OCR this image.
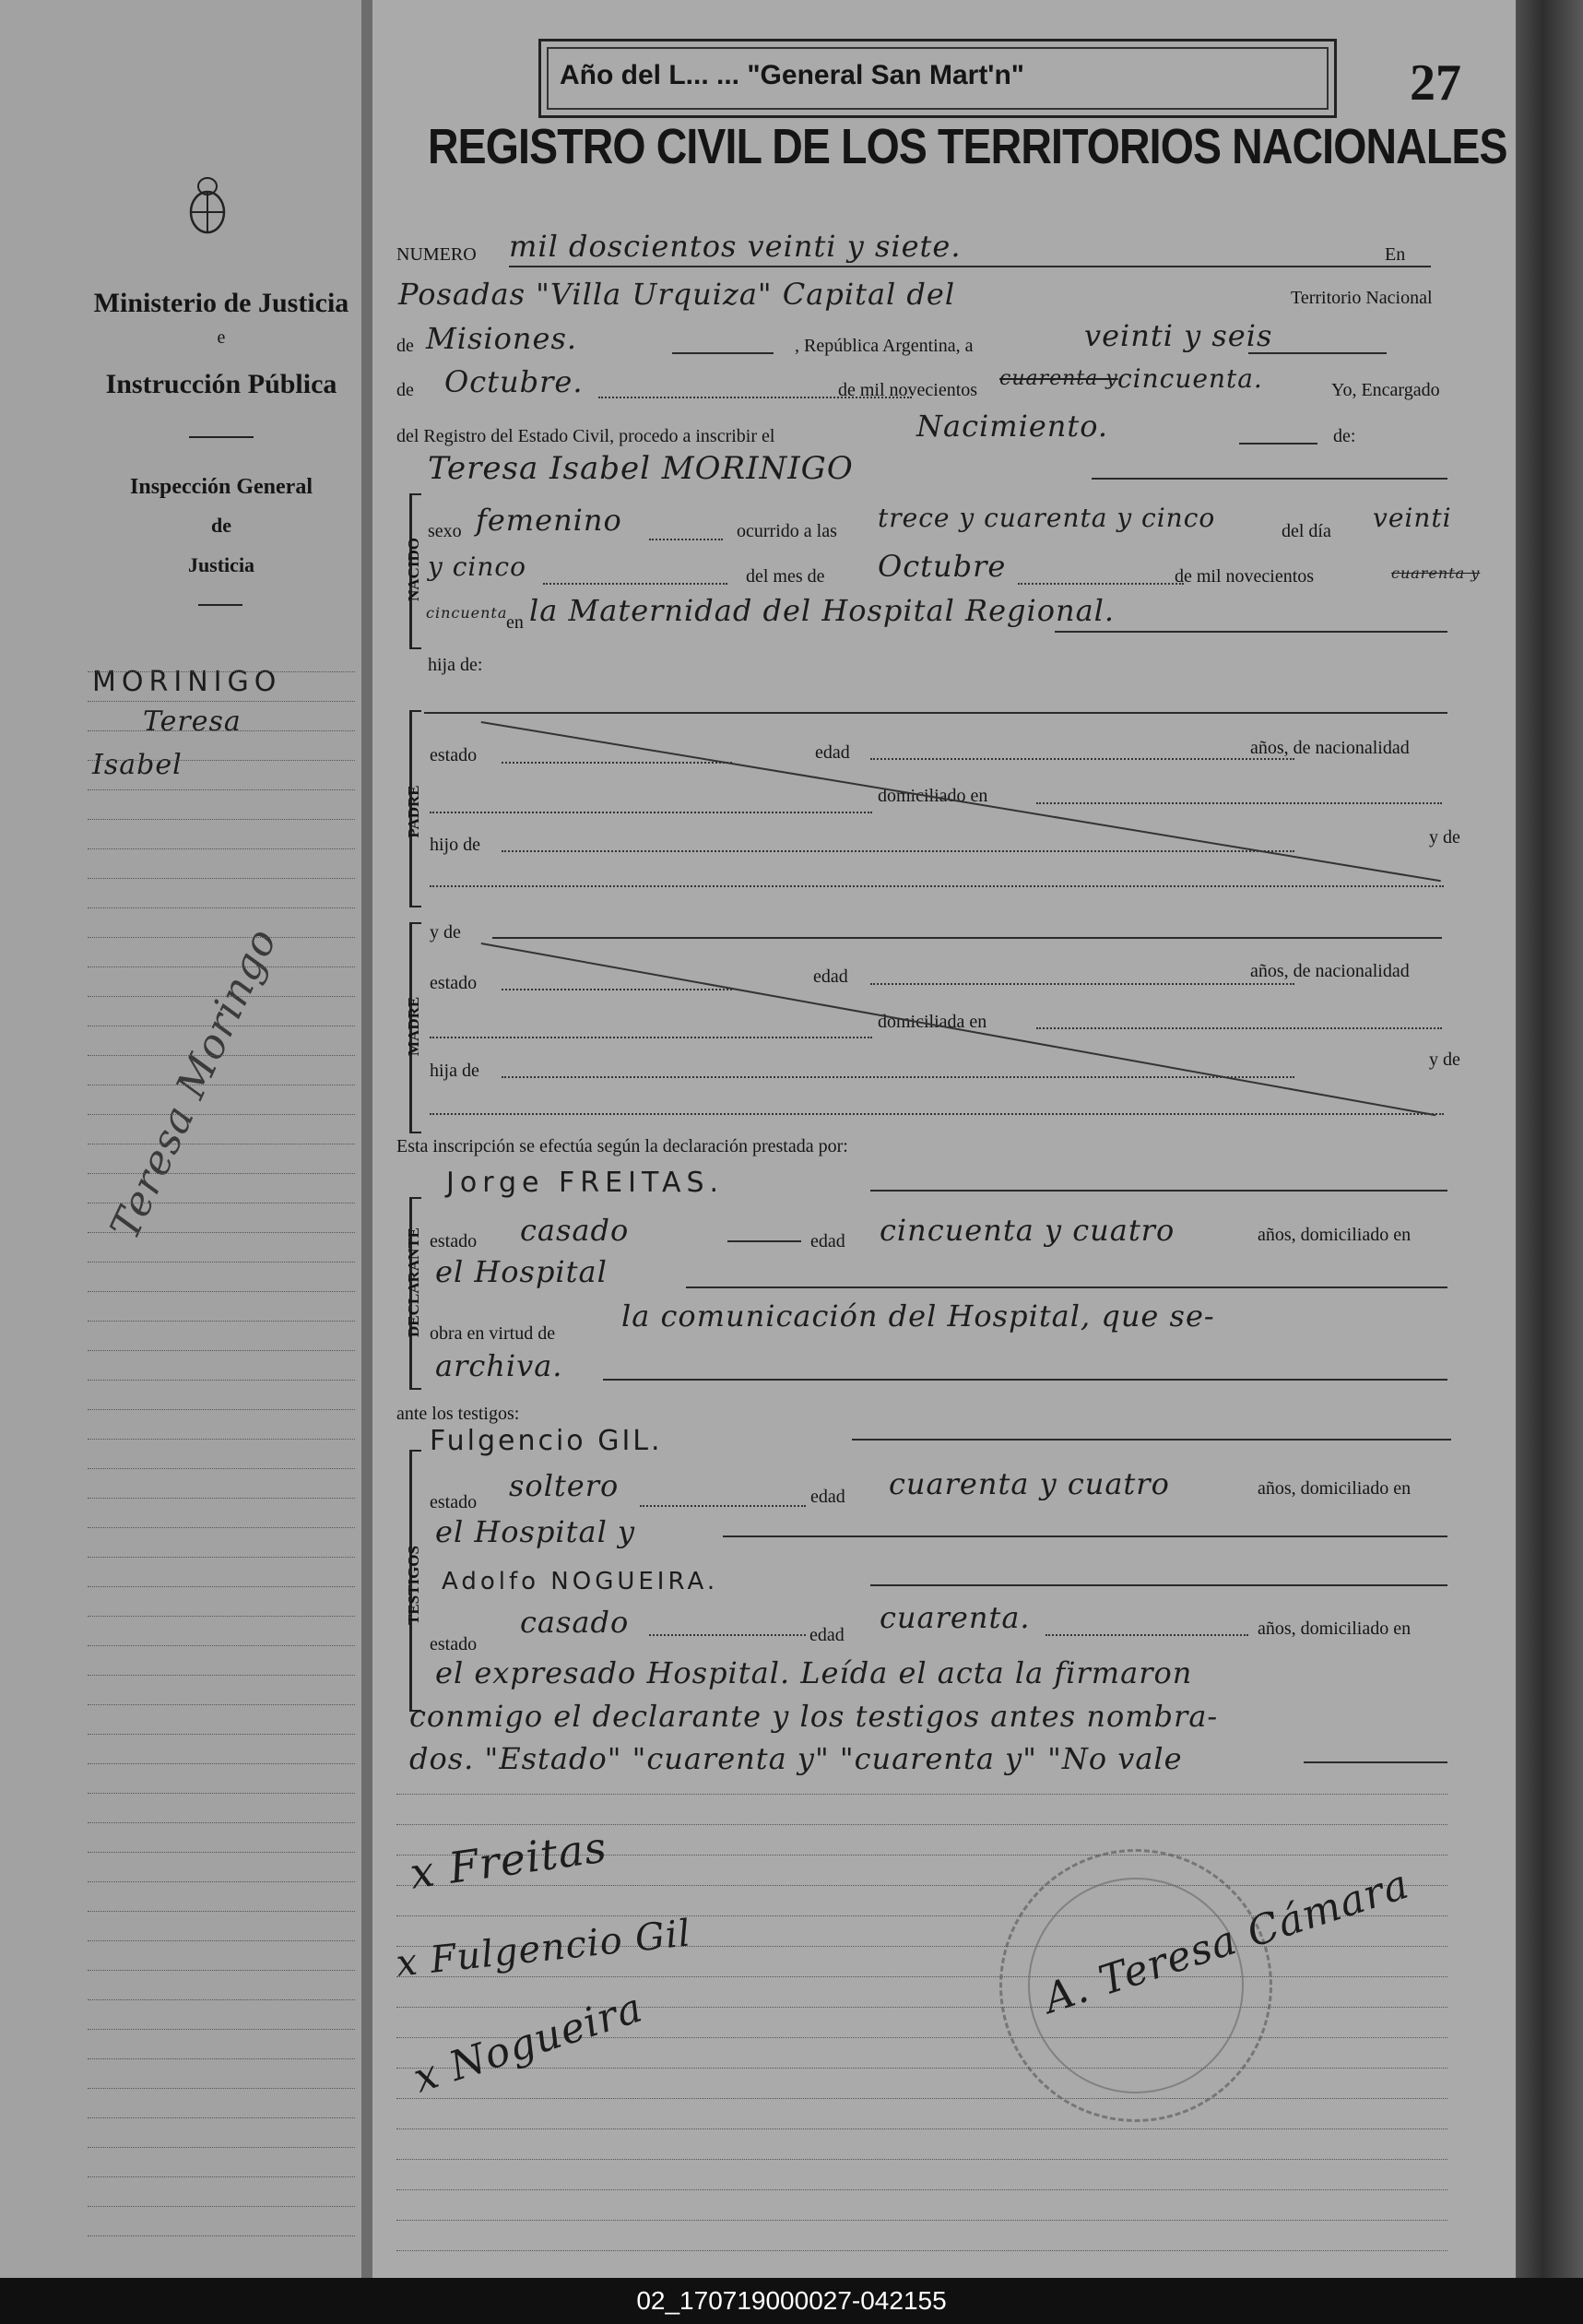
Ministerio de Justicia
e
Instrucción Pública
Inspección General
de
Justicia
MORINIGO
Teresa
Isabel
Teresa Moringo
Año del L... ... "General San Mart'n"	27
REGISTRO CIVIL DE LOS TERRITORIOS NACIONALES
NUMERO mil doscientos veinti y siete.	En
Posadas "Villa Urquiza" Capital del	Territorio Nacional
de Misiones.	, República Argentina, a	veinti y seis
de Octubre.	de mil novecientos cuarenta y cincuenta.	Yo, Encargado
del Registro del Estado Civil, procedo a inscribir el	Nacimiento.	de:
Teresa Isabel MORINIGO
NACIDO
sexo femenino	ocurrido a las trece y cuarenta y cinco	del día veinti
y cinco	del mes de Octubre	de mil novecientos	cuarenta y
cincuenta
en la Maternidad del Hospital Regional.
hija de:
PADRE
estado	edad	años, de nacionalidad
domiciliado en
hijo de	y de
MADRE
y de
estado	edad	años, de nacionalidad
domiciliada en
hija de
y de
Esta inscripción se efectúa según la declaración prestada por:
Jorge FREITAS.
DECLARANTE estado casado	edad cincuenta y cuatro	años, domiciliado en
el Hospital
obra en virtud de la comunicación del Hospital, que se-
archiva.
ante los testigos:
Fulgencio GIL.
TESTIGOS
estado soltero	edad cuarenta y cuatro	años, domiciliado en
el Hospital y
Adolfo NOGUEIRA.
estado
casado	edad cuarenta.	años, domiciliado en
el expresado Hospital. Leída el acta la firmaron
conmigo el declarante y los testigos antes nombra-
dos. "Estado" "cuarenta y" "cuarenta y" "No vale
x Freitas
x Fulgencio Gil
x Nogueira
A. Teresa Cámara
02_170719000027-042155
